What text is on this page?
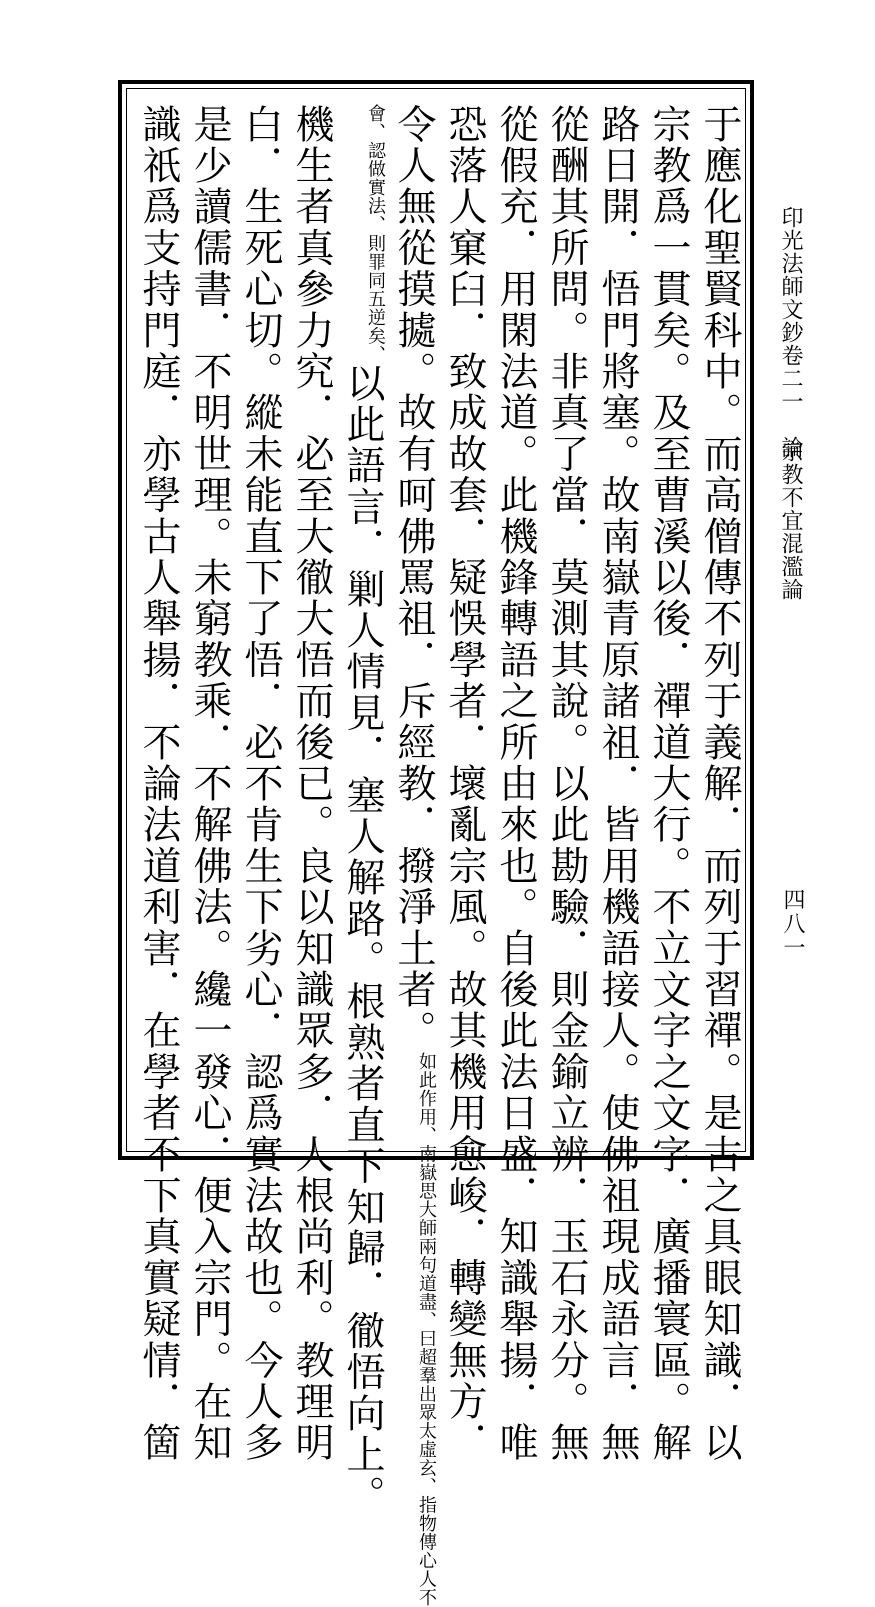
印光法師文鈔卷二一　論
宗教不宜混濫論
四八一
于應化聖賢科中。而高僧傳不列于義解．而列于習禪。是古之具眼知識．以
宗教爲一貫矣。及至曹溪以後．禪道大行。不立文字之文字．廣播寰區。解
路日開．悟門將塞。故南嶽青原諸祖．皆用機語接人。使佛祖現成語言．無
從酬其所問。非真了當．莫測其說。以此勘驗．則金鍮立辨．玉石永分。無
從假充．用閑法道。此機鋒轉語之所由來也。自後此法日盛．知識舉揚．唯
恐落人窠臼．致成故套．疑悞學者．壞亂宗風。故其機用愈峻．轉變無方．
令人無從摸㨿。故有呵佛罵祖．斥經教．撥淨土者。如此作用、南嶽思大師兩句道盡、曰超羣出眾太虛玄、指物傳心人不
會、認做實法、則罪同五逆矣、以此語言．剿人情見．塞人解路。根熟者直下知歸．徹悟向上。
機生者真參力究．必至大徹大悟而後已。良以知識眾多．人根尚利。教理明
白．生死心切。縱未能直下了悟．必不肯生下劣心．認爲實法故也。今人多
是少讀儒書．不明世理。未窮教乘．不解佛法。纔一發心．便入宗門。在知
識祇爲支持門庭．亦學古人舉揚．不論法道利害．在學者不下真實疑情．箇
